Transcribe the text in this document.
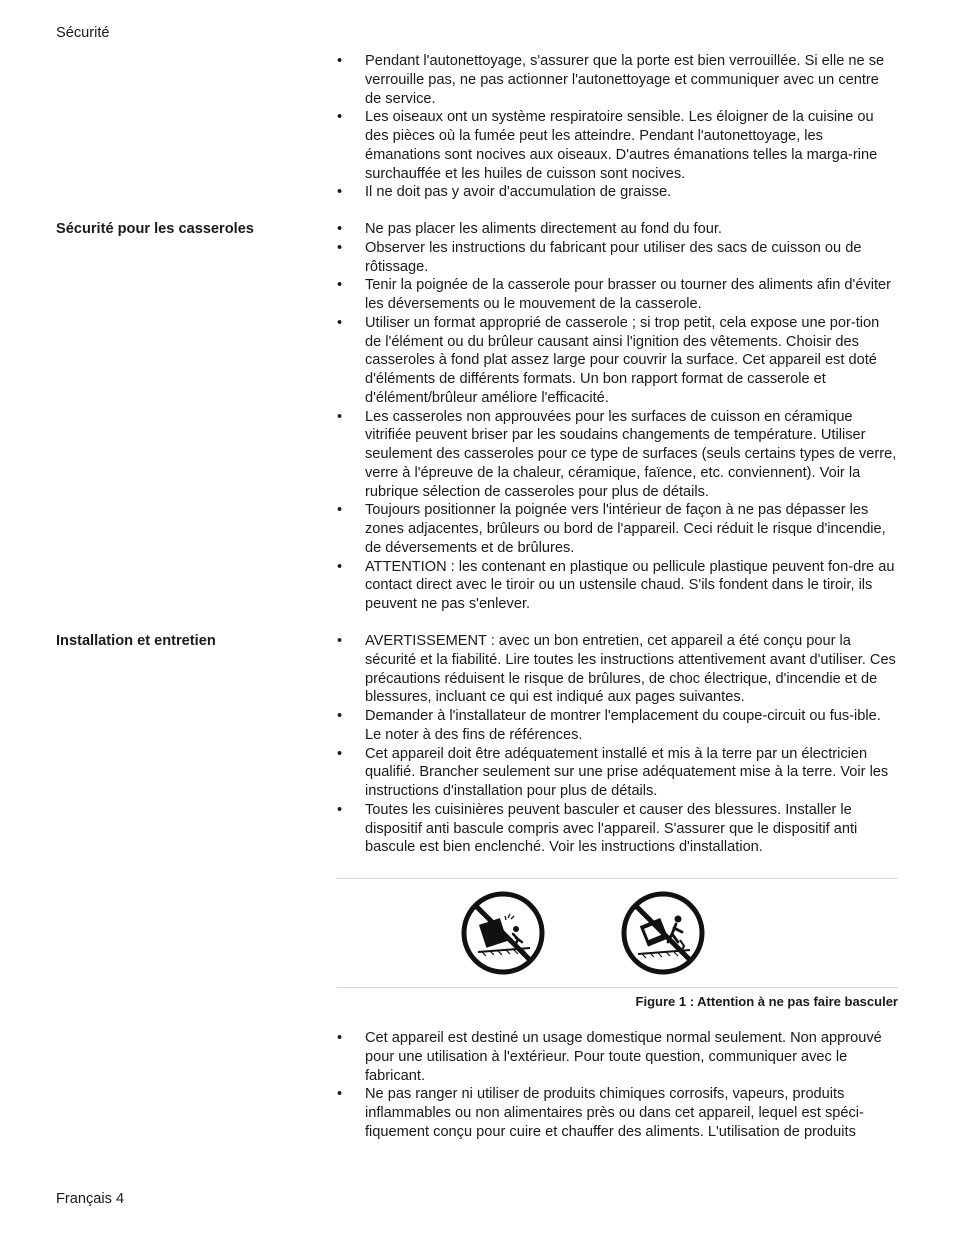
Sécurité
• Pendant l'autonettoyage, s'assurer que la porte est bien verrouillée. Si elle ne se verrouille pas, ne pas actionner l'autonettoyage et communiquer avec un centre de service.
• Les oiseaux ont un système respiratoire sensible. Les éloigner de la cuisine ou des pièces où la fumée peut les atteindre. Pendant l'autonettoyage, les émanations sont nocives aux oiseaux. D'autres émanations telles la marga-rine surchauffée et les huiles de cuisson sont nocives.
• Il ne doit pas y avoir d'accumulation de graisse.
Sécurité pour les casseroles	• Ne pas placer les aliments directement au fond du four.
• Observer les instructions du fabricant pour utiliser des sacs de cuisson ou de rôtissage.
• Tenir la poignée de la casserole pour brasser ou tourner des aliments afin d'éviter les déversements ou le mouvement de la casserole.
• Utiliser un format approprié de casserole ; si trop petit, cela expose une por-tion de l'élément ou du brûleur causant ainsi l'ignition des vêtements. Choisir des casseroles à fond plat assez large pour couvrir la surface. Cet appareil est doté d'éléments de différents formats. Un bon rapport format de casserole et d'élément/brûleur améliore l'efficacité.
• Les casseroles non approuvées pour les surfaces de cuisson en céramique vitrifiée peuvent briser par les soudains changements de température. Utiliser seulement des casseroles pour ce type de surfaces (seuls certains types de verre, verre à l'épreuve de la chaleur, céramique, faïence, etc. conviennent). Voir la rubrique sélection de casseroles pour plus de détails.
• Toujours positionner la poignée vers l'intérieur de façon à ne pas dépasser les zones adjacentes, brûleurs ou bord de l'appareil. Ceci réduit le risque d'incendie, de déversements et de brûlures.
• ATTENTION : les contenant en plastique ou pellicule plastique peuvent fon-dre au contact direct avec le tiroir ou un ustensile chaud. S'ils fondent dans le tiroir, ils peuvent ne pas s'enlever.
Installation et entretien	• AVERTISSEMENT : avec un bon entretien, cet appareil a été conçu pour la sécurité et la fiabilité. Lire toutes les instructions attentivement avant d'utiliser. Ces précautions réduisent le risque de brûlures, de choc électrique, d'incendie et de blessures, incluant ce qui est indiqué aux pages suivantes.
• Demander à l'installateur de montrer l'emplacement du coupe-circuit ou fus-ible. Le noter à des fins de références.
• Cet appareil doit être adéquatement installé et mis à la terre par un électricien qualifié. Brancher seulement sur une prise adéquatement mise à la terre. Voir les instructions d'installation pour plus de détails.
• Toutes les cuisinières peuvent basculer et causer des blessures. Installer le dispositif anti bascule compris avec l'appareil. S'assurer que le dispositif anti bascule est bien enclenché. Voir les instructions d'installation.
Figure 1 : Attention à ne pas faire basculer
• Cet appareil est destiné un usage domestique normal seulement. Non approuvé pour une utilisation à l'extérieur. Pour toute question, communiquer avec le fabricant.
• Ne pas ranger ni utiliser de produits chimiques corrosifs, vapeurs, produits inflammables ou non alimentaires près ou dans cet appareil, lequel est spéci-fiquement conçu pour cuire et chauffer des aliments. L'utilisation de produits
Français 4
